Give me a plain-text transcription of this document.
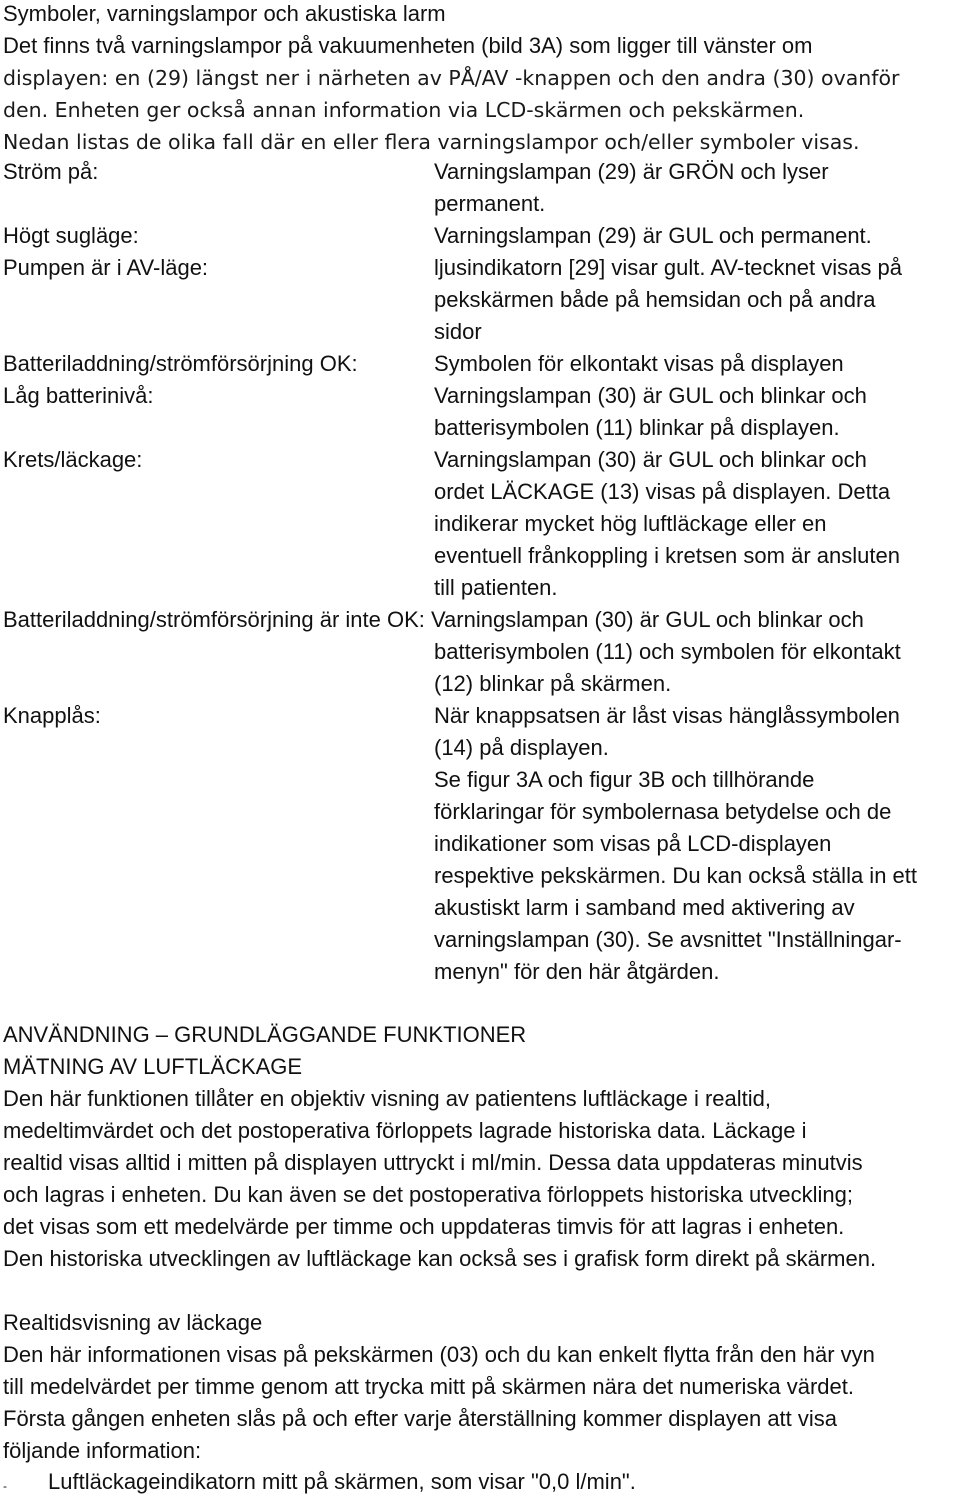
Symboler, varningslampor och akustiska larm
Det finns två varningslampor på vakuumenheten (bild 3A) som ligger till vänster om
displayen: en (29) längst ner i närheten av PÅ/AV -knappen och den andra (30) ovanför
den. Enheten ger också annan information via LCD-skärmen och pekskärmen.
Nedan listas de olika fall där en eller flera varningslampor och/eller symboler visas.
Ström på:	Varningslampan (29) är GRÖN och lyser
permanent.
Högt sugläge:	Varningslampan (29) är GUL och permanent.
Pumpen är i AV-läge:	ljusindikatorn [29] visar gult. AV-tecknet visas på
pekskärmen både på hemsidan och på andra
sidor
Batteriladdning/strömförsörjning OK:	Symbolen för elkontakt visas på displayen
Låg batterinivå:	Varningslampan (30) är GUL och blinkar och
batterisymbolen (11) blinkar på displayen.
Krets/läckage:	Varningslampan (30) är GUL och blinkar och
ordet LÄCKAGE (13) visas på displayen. Detta
indikerar mycket hög luftläckage eller en
eventuell frånkoppling i kretsen som är ansluten
till patienten.
Batteriladdning/strömförsörjning är inte OK: Varningslampan (30) är GUL och blinkar och
batterisymbolen (11) och symbolen för elkontakt
(12) blinkar på skärmen.
Knapplås:	När knappsatsen är låst visas hänglåssymbolen
(14) på displayen.
Se figur 3A och figur 3B och tillhörande
förklaringar för symbolernasa betydelse och de
indikationer som visas på LCD-displayen
respektive pekskärmen. Du kan också ställa in ett
akustiskt larm i samband med aktivering av
varningslampan (30). Se avsnittet "Inställningar-
menyn" för den här åtgärden.
ANVÄNDNING – GRUNDLÄGGANDE FUNKTIONER
MÄTNING AV LUFTLÄCKAGE
Den här funktionen tillåter en objektiv visning av patientens luftläckage i realtid,
medeltimvärdet och det postoperativa förloppets lagrade historiska data. Läckage i
realtid visas alltid i mitten på displayen uttryckt i ml/min. Dessa data uppdateras minutvis
och lagras i enheten. Du kan även se det postoperativa förloppets historiska utveckling;
det visas som ett medelvärde per timme och uppdateras timvis för att lagras i enheten.
Den historiska utvecklingen av luftläckage kan också ses i grafisk form direkt på skärmen.
Realtidsvisning av läckage
Den här informationen visas på pekskärmen (03) och du kan enkelt flytta från den här vyn
till medelvärdet per timme genom att trycka mitt på skärmen nära det numeriska värdet.
Första gången enheten slås på och efter varje återställning kommer displayen att visa
följande information:
- Luftläckageindikatorn mitt på skärmen, som visar "0,0 l/min".
